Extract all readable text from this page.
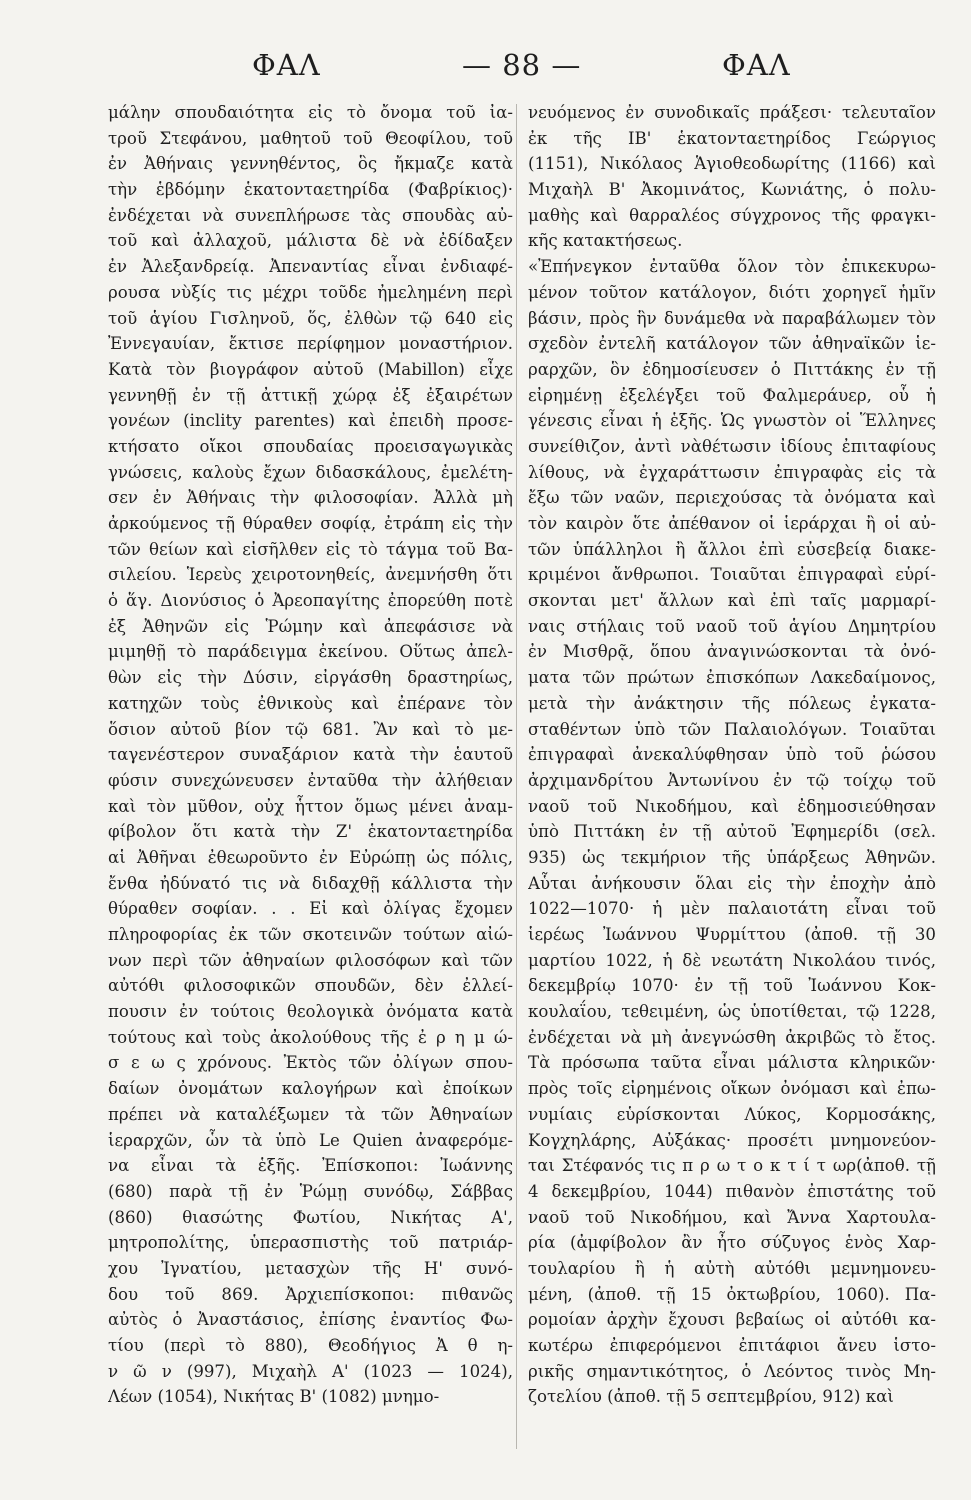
ΦΑΛ	— 88 —	ΦΑΛ
μάλην σπουδαιότητα εἰς τὸ ὄνομα τοῦ ἰα-
τροῦ Στεφάνου, μαθητοῦ τοῦ Θεοφίλου, τοῦ
ἐν Ἀθήναις γεννηθέντος, ὃς ἤκμαζε κατὰ
τὴν ἑβδόμην ἑκατονταετηρίδα (Φαβρίκιος)·
ἐνδέχεται νὰ συνεπλήρωσε τὰς σπουδὰς αὐ-
τοῦ καὶ ἀλλαχοῦ, μάλιστα δὲ νὰ ἐδίδαξεν
ἐν Ἀλεξανδρείᾳ. Ἀπεναντίας εἶναι ἐνδιαφέ-
ρουσα νὺξίς τις μέχρι τοῦδε ἠμελημένη περὶ
τοῦ ἁγίου Γισληνοῦ, ὅς, ἐλθὼν τῷ 640 εἰς
Ἐννεγαυίαν, ἔκτισε περίφημον μοναστήριον.
Κατὰ τὸν βιογράφον αὐτοῦ (Mabillon) εἶχε
γεννηθῇ ἐν τῇ ἀττικῇ χώρᾳ ἐξ ἐξαιρέτων
γονέων (inclity parentes) καὶ ἐπειδὴ προσε-
κτήσατο οἴκοι σπουδαίας προεισαγωγικὰς
γνώσεις, καλοὺς ἔχων διδασκάλους, ἐμελέτη-
σεν ἐν Ἀθήναις τὴν φιλοσοφίαν. Ἀλλὰ μὴ
ἀρκούμενος τῇ θύραθεν σοφίᾳ, ἐτράπη εἰς τὴν
τῶν θείων καὶ εἰσῆλθεν εἰς τὸ τάγμα τοῦ Βα-
σιλείου. Ἱερεὺς χειροτονηθείς, ἀνεμνήσθη ὅτι
ὁ ἅγ. Διονύσιος ὁ Ἀρεοπαγίτης ἐπορεύθη ποτὲ
ἐξ Ἀθηνῶν εἰς Ῥώμην καὶ ἀπεφάσισε νὰ
μιμηθῇ τὸ παράδειγμα ἐκείνου. Οὕτως ἀπελ-
θὼν εἰς τὴν Δύσιν, εἰργάσθη δραστηρίως,
κατηχῶν τοὺς ἐθνικοὺς καὶ ἐπέρανε τὸν
ὅσιον αὐτοῦ βίον τῷ 681. Ἂν καὶ τὸ με-
ταγενέστερον συναξάριον κατὰ τὴν ἑαυτοῦ
φύσιν συνεχώνευσεν ἐνταῦθα τὴν ἀλήθειαν
καὶ τὸν μῦθον, οὐχ ἧττον ὅμως μένει ἀναμ-
φίβολον ὅτι κατὰ τὴν Ζ' ἑκατονταετηρίδα
αἱ Ἀθῆναι ἐθεωροῦντο ἐν Εὐρώπῃ ὡς πόλις,
ἔνθα ἠδύνατό τις νὰ διδαχθῇ κάλλιστα τὴν
θύραθεν σοφίαν. . . Εἰ καὶ ὀλίγας ἔχομεν
πληροφορίας ἐκ τῶν σκοτεινῶν τούτων αἰώ-
νων περὶ τῶν ἀθηναίων φιλοσόφων καὶ τῶν
αὐτόθι φιλοσοφικῶν σπουδῶν, δὲν ἐλλεί-
πουσιν ἐν τούτοις θεολογικὰ ὀνόματα κατὰ
τούτους καὶ τοὺς ἀκολούθους τῆς ἐ ρ η μ ώ-
σ ε ω ς χρόνους. Ἐκτὸς τῶν ὀλίγων σπου-
δαίων ὀνομάτων καλογήρων καὶ ἐποίκων
πρέπει νὰ καταλέξωμεν τὰ τῶν Ἀθηναίων
ἱεραρχῶν, ὧν τὰ ὑπὸ Le Quien ἀναφερόμε-
να εἶναι τὰ ἑξῆς. Ἐπίσκοποι: Ἰωάννης
(680) παρὰ τῇ ἐν Ῥώμῃ συνόδῳ, Σάββας
(860) θιασώτης Φωτίου, Νικήτας Α',
μητροπολίτης, ὑπερασπιστὴς τοῦ πατριάρ-
χου Ἰγνατίου, μετασχὼν τῆς Η' συνό-
δου τοῦ 869. Ἀρχιεπίσκοποι: πιθανῶς
αὐτὸς ὁ Ἀναστάσιος, ἐπίσης ἐναντίος Φω-
τίου (περὶ τὸ 880), Θεοδήγιος Ἀ θ η-
ν ῶ ν (997), Μιχαὴλ Α' (1023 — 1024),
Λέων (1054), Νικήτας Β' (1082) μνημο-
νευόμενος ἐν συνοδικαῖς πράξεσι· τελευταῖον
ἐκ τῆς ΙΒ' ἑκατονταετηρίδος Γεώργιος
(1151), Νικόλαος Ἁγιοθεοδωρίτης (1166) καὶ
Μιχαὴλ Β' Ἀκομινάτος, Κωνιάτης, ὁ πολυ-
μαθὴς καὶ θαρραλέος σύγχρονος τῆς φραγκι-
κῆς κατακτήσεως.
«Ἐπήνεγκον ἐνταῦθα ὅλον τὸν ἐπικεκυρω-
μένον τοῦτον κατάλογον, διότι χορηγεῖ ἡμῖν
βάσιν, πρὸς ἣν δυνάμεθα νὰ παραβάλωμεν τὸν
σχεδὸν ἐντελῆ κατάλογον τῶν ἀθηναϊκῶν ἱε-
ραρχῶν, ὃν ἐδημοσίευσεν ὁ Πιττάκης ἐν τῇ
εἰρημένῃ ἐξελέγξει τοῦ Φαλμεράυερ, οὗ ἡ
γένεσις εἶναι ἡ ἑξῆς. Ὡς γνωστὸν οἱ Ἕλληνες
συνείθιζον, ἀντὶ νὰθέτωσιν ἰδίους ἐπιταφίους
λίθους, νὰ ἐγχαράττωσιν ἐπιγραφὰς εἰς τὰ
ἔξω τῶν ναῶν, περιεχούσας τὰ ὀνόματα καὶ
τὸν καιρὸν ὅτε ἀπέθανον οἱ ἱεράρχαι ἢ οἱ αὐ-
τῶν ὑπάλληλοι ἢ ἄλλοι ἐπὶ εὐσεβείᾳ διακε-
κριμένοι ἄνθρωποι. Τοιαῦται ἐπιγραφαὶ εὑρί-
σκονται μετ' ἄλλων καὶ ἐπὶ ταῖς μαρμαρί-
ναις στήλαις τοῦ ναοῦ τοῦ ἁγίου Δημητρίου
ἐν Μισθρᾷ, ὅπου ἀναγινώσκονται τὰ ὀνό-
ματα τῶν πρώτων ἐπισκόπων Λακεδαίμονος,
μετὰ τὴν ἀνάκτησιν τῆς πόλεως ἐγκατα-
σταθέντων ὑπὸ τῶν Παλαιολόγων. Τοιαῦται
ἐπιγραφαὶ ἀνεκαλύφθησαν ὑπὸ τοῦ ῥώσου
ἀρχιμανδρίτου Ἀντωνίνου ἐν τῷ τοίχῳ τοῦ
ναοῦ τοῦ Νικοδήμου, καὶ ἐδημοσιεύθησαν
ὑπὸ Πιττάκη ἐν τῇ αὐτοῦ Ἐφημερίδι (σελ.
935) ὡς τεκμήριον τῆς ὑπάρξεως Ἀθηνῶν.
Αὗται ἀνήκουσιν ὅλαι εἰς τὴν ἐποχὴν ἀπὸ
1022—1070· ἡ μὲν παλαιοτάτη εἶναι τοῦ
ἱερέως Ἰωάννου Ψυρμίττου (ἀποθ. τῇ 30
μαρτίου 1022, ἡ δὲ νεωτάτη Νικολάου τινός,
δεκεμβρίῳ 1070· ἐν τῇ τοῦ Ἰωάννου Κοκ-
κουλαΐου, τεθειμένη, ὡς ὑποτίθεται, τῷ 1228,
ἐνδέχεται νὰ μὴ ἀνεγνώσθη ἀκριβῶς τὸ ἔτος.
Τὰ πρόσωπα ταῦτα εἶναι μάλιστα κληρικῶν·
πρὸς τοῖς εἰρημένοις οἴκων ὀνόμασι καὶ ἐπω-
νυμίαις εὑρίσκονται Λύκος, Κορμοσάκης,
Κογχηλάρης, Αὐξάκας· προσέτι μνημονεύον-
ται Στέφανός τις π ρ ω τ ο κ τ ί τ ωρ(ἀποθ. τῇ
4 δεκεμβρίου, 1044) πιθανὸν ἐπιστάτης τοῦ
ναοῦ τοῦ Νικοδήμου, καὶ Ἄννα Χαρτουλα-
ρία (ἀμφίβολον ἂν ἦτο σύζυγος ἑνὸς Χαρ-
τουλαρίου ἢ ἡ αὐτὴ αὐτόθι μεμνημονευ-
μένη, (ἀποθ. τῇ 15 ὀκτωβρίου, 1060). Πα-
ρομοίαν ἀρχὴν ἔχουσι βεβαίως οἱ αὐτόθι κα-
κωτέρω ἐπιφερόμενοι ἐπιτάφιοι ἄνευ ἱστο-
ρικῆς σημαντικότητος, ὁ Λεόντος τινὸς Μη-
ζοτελίου (ἀποθ. τῇ 5 σεπτεμβρίου, 912) καὶ
